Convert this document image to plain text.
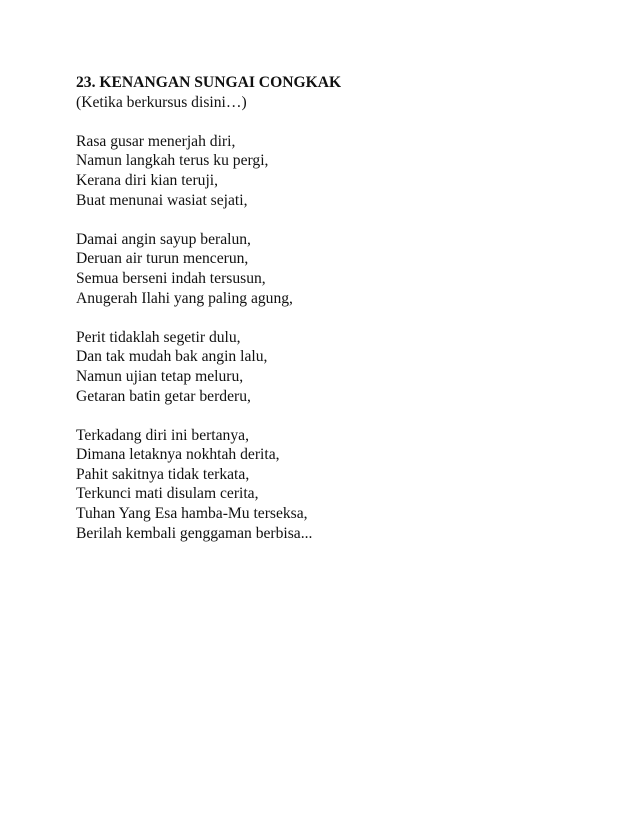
23. KENANGAN SUNGAI CONGKAK
(Ketika berkursus disini…)
Rasa gusar menerjah diri,
Namun langkah terus ku pergi,
Kerana diri kian teruji,
Buat menunai wasiat sejati,
Damai angin sayup beralun,
Deruan air turun mencerun,
Semua berseni indah tersusun,
Anugerah Ilahi yang paling agung,
Perit tidaklah segetir dulu,
Dan tak mudah bak angin lalu,
Namun ujian tetap meluru,
Getaran batin getar berderu,
Terkadang diri ini bertanya,
Dimana letaknya nokhtah derita,
Pahit sakitnya tidak terkata,
Terkunci mati disulam cerita,
Tuhan Yang Esa hamba-Mu terseksa,
Berilah kembali genggaman berbisa...
